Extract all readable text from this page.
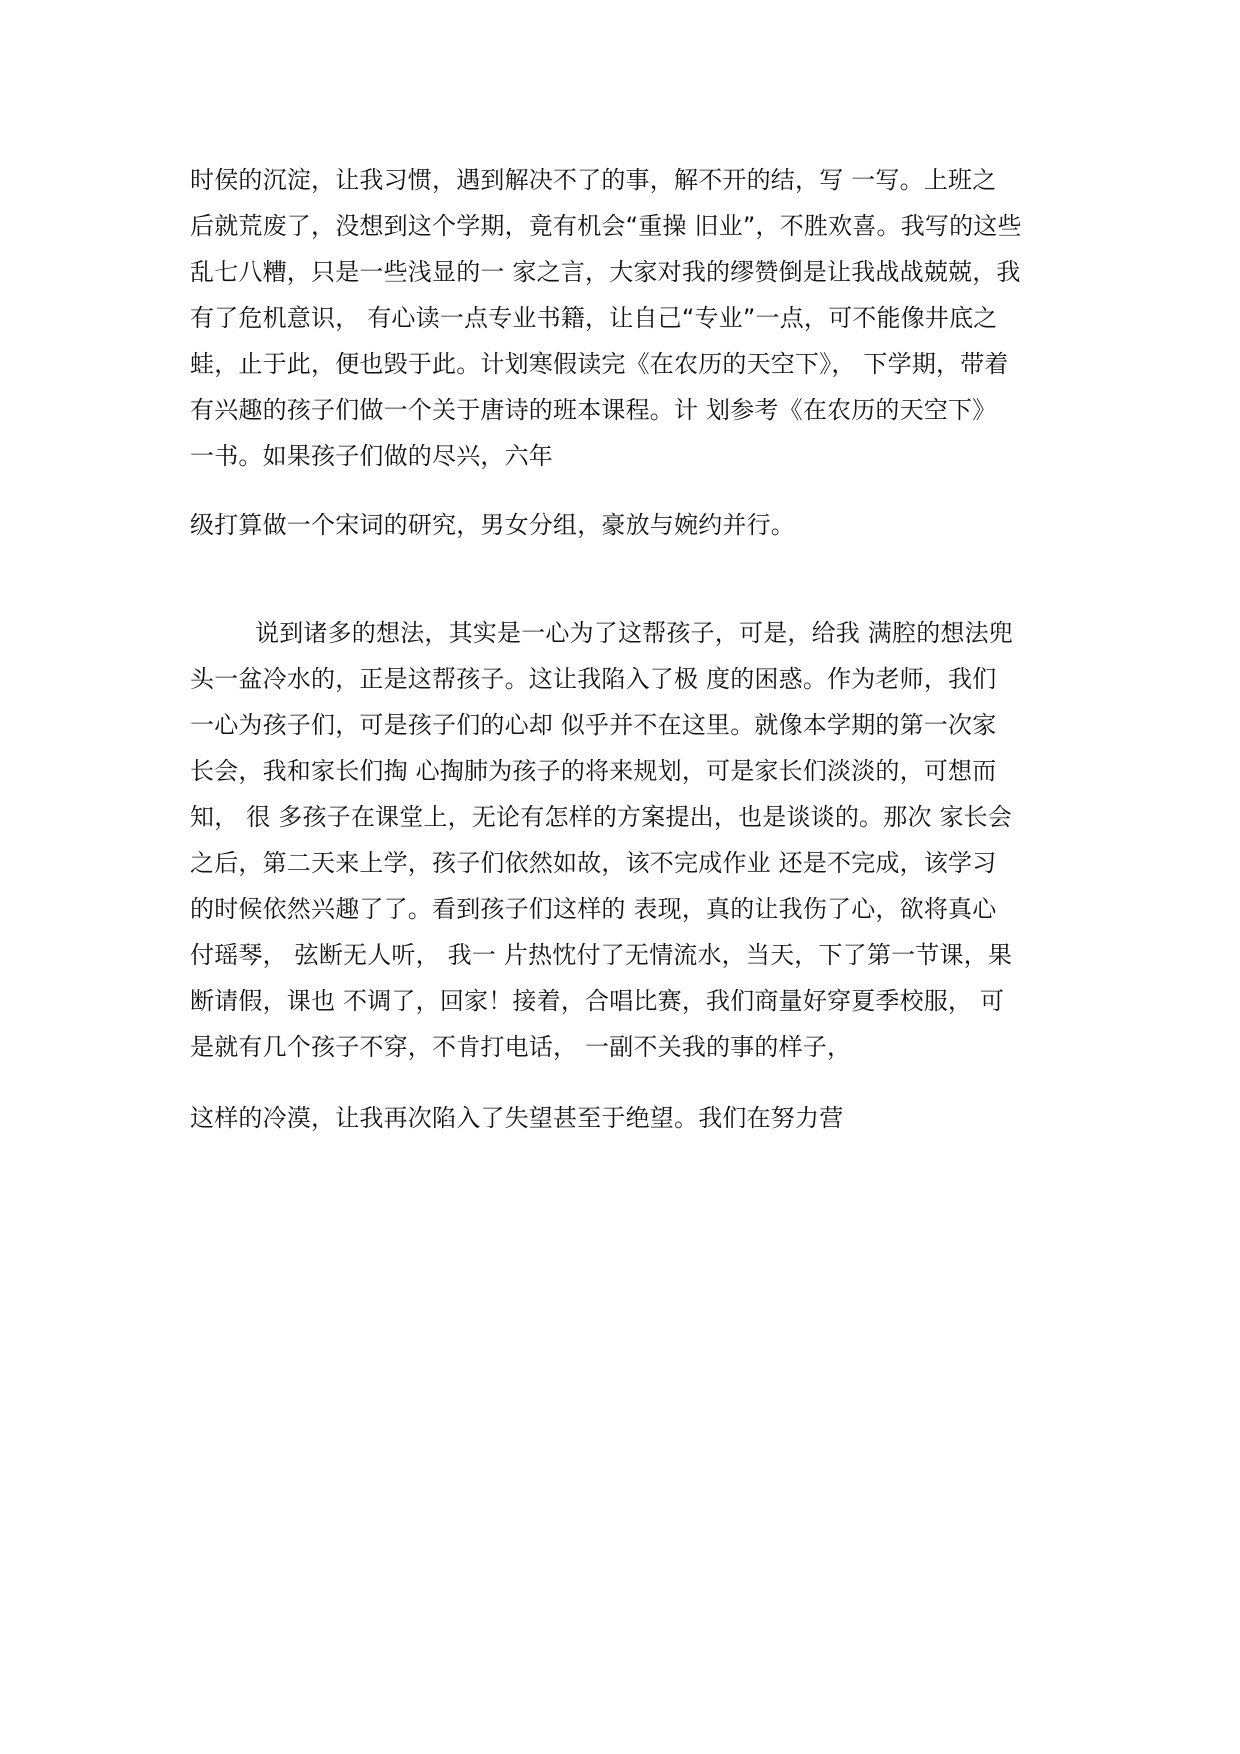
时侯的沉淀，让我习惯，遇到解决不了的事，解不开的结，写 一写。上班之

后就荒废了，没想到这个学期，竟有机会“重操 旧业”，不胜欢喜。我写的这些

乱七八糟，只是一些浅显的一 家之言，大家对我的缪赞倒是让我战战兢兢，我

有了危机意识， 有心读一点专业书籍，让自己“专业”一点，可不能像井底之

蛙，止于此，便也毁于此。计划寒假读完《在农历的天空下》， 下学期，带着

有兴趣的孩子们做一个关于唐诗的班本课程。计 划参考《在农历的天空下》

一书。如果孩子们做的尽兴，六年

级打算做一个宋词的研究，男女分组，豪放与婉约并行。

说到诸多的想法，其实是一心为了这帮孩子，可是，给我 满腔的想法兜

头一盆冷水的，正是这帮孩子。这让我陷入了极 度的困惑。作为老师，我们

一心为孩子们，可是孩子们的心却 似乎并不在这里。就像本学期的第一次家

长会，我和家长们掏 心掏肺为孩子的将来规划，可是家长们淡淡的，可想而

知， 很 多孩子在课堂上，无论有怎样的方案提出，也是谈谈的。那次 家长会

之后，第二天来上学，孩子们依然如故，该不完成作业 还是不完成，该学习

的时候依然兴趣了了。看到孩子们这样的 表现，真的让我伤了心，欲将真心

付瑶琴， 弦断无人听， 我一 片热忱付了无情流水，当天，下了第一节课，果

断请假，课也 不调了，回家！接着，合唱比赛，我们商量好穿夏季校服， 可

是就有几个孩子不穿，不肯打电话， 一副不关我的事的样子，

这样的冷漠，让我再次陷入了失望甚至于绝望。我们在努力营
